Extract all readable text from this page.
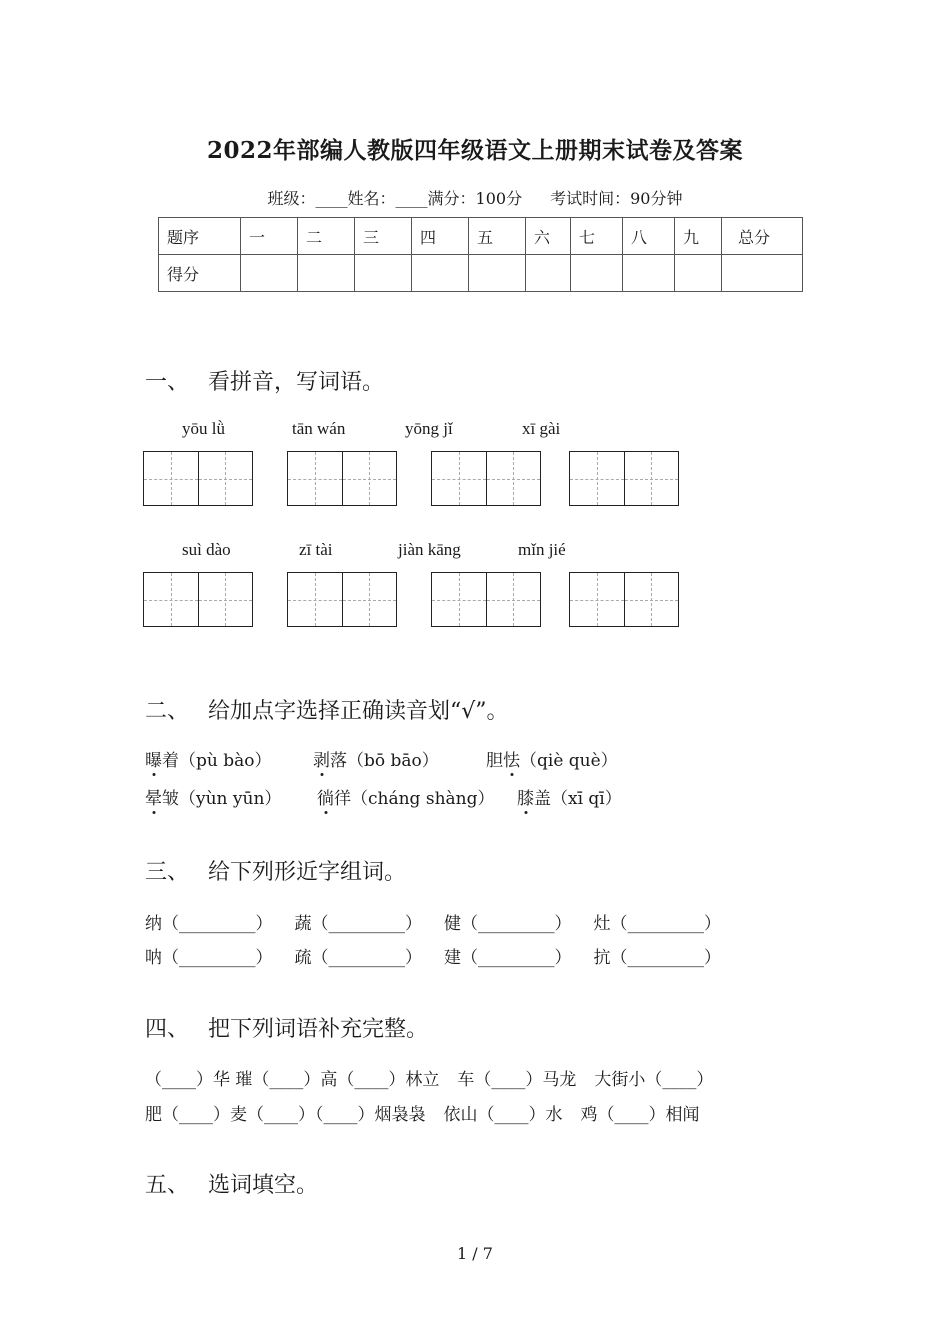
2022年部编人教版四年级语文上册期末试卷及答案
班级：____姓名：____满分：100分 考试时间：90分钟
题序	一	二	三	四	五	六	七	八	九	总分
得分										
一、 看拼音，写词语。
yōu lǜ	tān wán	yōng jǐ	xī gài
suì dào	zī tài	jiàn kāng	mǐn jié
二、 给加点字选择正确读音划“√”。
曝着（pù bào） 剥落（bō bāo）	胆怯（qiè què）
晕皱（yùn yūn） 徜徉（cháng shàng） 膝盖（xī qī）
三、 给下列形近字组词。
纳（_________） 蔬（_________） 健（_________） 灶（_________）
呐（_________） 疏（_________） 建（_________） 抗（_________）
四、 把下列词语补充完整。
（____）华 璀（____）高（____）林立 车（____）马龙 大街小（____）
肥（____）麦（____）（____）烟袅袅 依山（____）水 鸡（____）相闻
五、 选词填空。
1 / 7
